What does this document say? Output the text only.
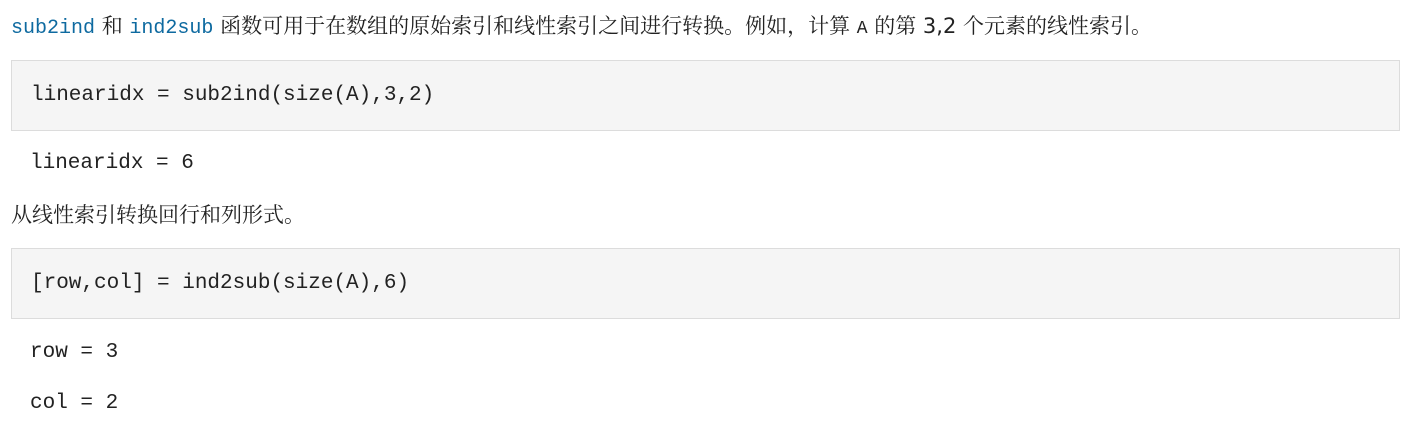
sub2ind 和 ind2sub 函数可用于在数组的原始索引和线性索引之间进行转换。例如，计算 A 的第 3,2 个元素的线性索引。

linearidx = sub2ind(size(A),3,2)
linearidx = 6

从线性索引转换回行和列形式。

[row,col] = ind2sub(size(A),6)
row = 3
col = 2
